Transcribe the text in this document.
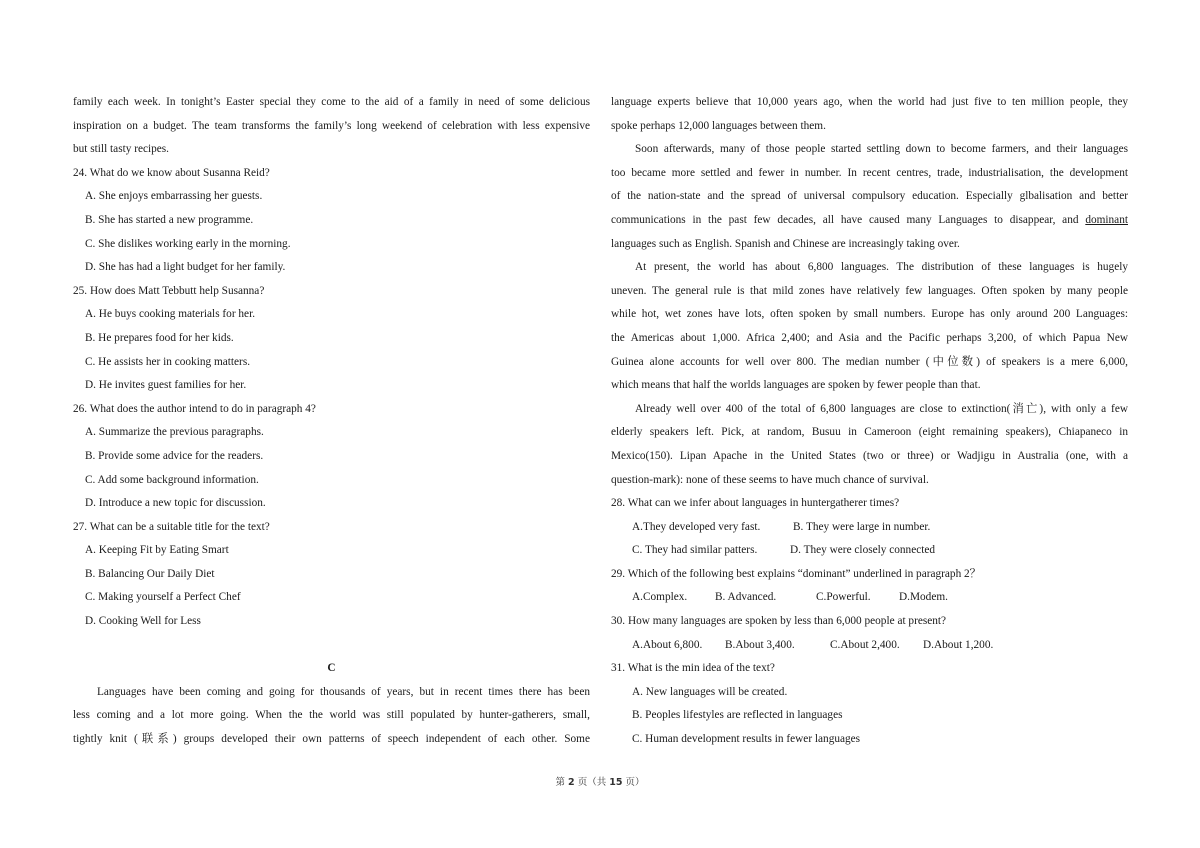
family each week. In tonight’s Easter special they come to the aid of a family in need of some delicious
inspiration on a budget. The team transforms the family’s long weekend of celebration with less expensive
but still tasty recipes.
24. What do we know about Susanna Reid?
A. She enjoys embarrassing her guests.
B. She has started a new programme.
C. She dislikes working early in the morning.
D. She has had a light budget for her family.
25. How does Matt Tebbutt help Susanna?
A. He buys cooking materials for her.
B. He prepares food for her kids.
C. He assists her in cooking matters.
D. He invites guest families for her.
26. What does the author intend to do in paragraph 4?
A. Summarize the previous paragraphs.
B. Provide some advice for the readers.
C. Add some background information.
D. Introduce a new topic for discussion.
27. What can be a suitable title for the text?
A. Keeping Fit by Eating Smart
B. Balancing Our Daily Diet
C. Making yourself a Perfect Chef
D. Cooking Well for Less
C
Languages have been coming and going for thousands of years, but in recent times there has been
less coming and a lot more going. When the the world was still populated by hunter-gatherers, small,
tightly knit (联系) groups developed their own patterns of speech independent of each other. Some
language experts believe that 10,000 years ago, when the world had just five to ten million people, they
spoke perhaps 12,000 languages between them.
Soon afterwards, many of those people started settling down to become farmers, and their languages
too became more settled and fewer in number. In recent centres, trade, industrialisation, the development
of the nation-state and the spread of universal compulsory education. Especially glbalisation and better
communications in the past few decades, all have caused many Languages to disappear, and dominant
languages such as English. Spanish and Chinese are increasingly taking over.
At present, the world has about 6,800 languages. The distribution of these languages is hugely
uneven. The general rule is that mild zones have relatively few languages. Often spoken by many people
while hot, wet zones have lots, often spoken by small numbers. Europe has only around 200 Languages:
the Americas about 1,000. Africa 2,400; and Asia and the Pacific perhaps 3,200, of which Papua New
Guinea alone accounts for well over 800. The median number (中位数) of speakers is a mere 6,000,
which means that half the worlds languages are spoken by fewer people than that.
Already well over 400 of the total of 6,800 languages are close to extinction(消亡), with only a few
elderly speakers left. Pick, at random, Busuu in Cameroon (eight remaining speakers), Chiapaneco in
Mexico(150). Lipan Apache in the United States (two or three) or Wadjigu in Australia (one, with a
question-mark): none of these seems to have much chance of survival.
28. What can we infer about languages in huntergatherer times?
A.They developed very fast.	B. They were large in number.
C. They had similar patters.	D. They were closely connected
29. Which of the following best explains “dominant” underlined in paragraph 2？
A.Complex. B. Advanced.	C.Powerful.	D.Modem.
30. How many languages are spoken by less than 6,000 people at present?
A.About 6,800. B.About 3,400.	C.About 2,400. D.About 1,200.
31. What is the min idea of the text?
A. New languages will be created.
B. Peoples lifestyles are reflected in languages
C. Human development results in fewer languages
第 2 页（共 15 页）
